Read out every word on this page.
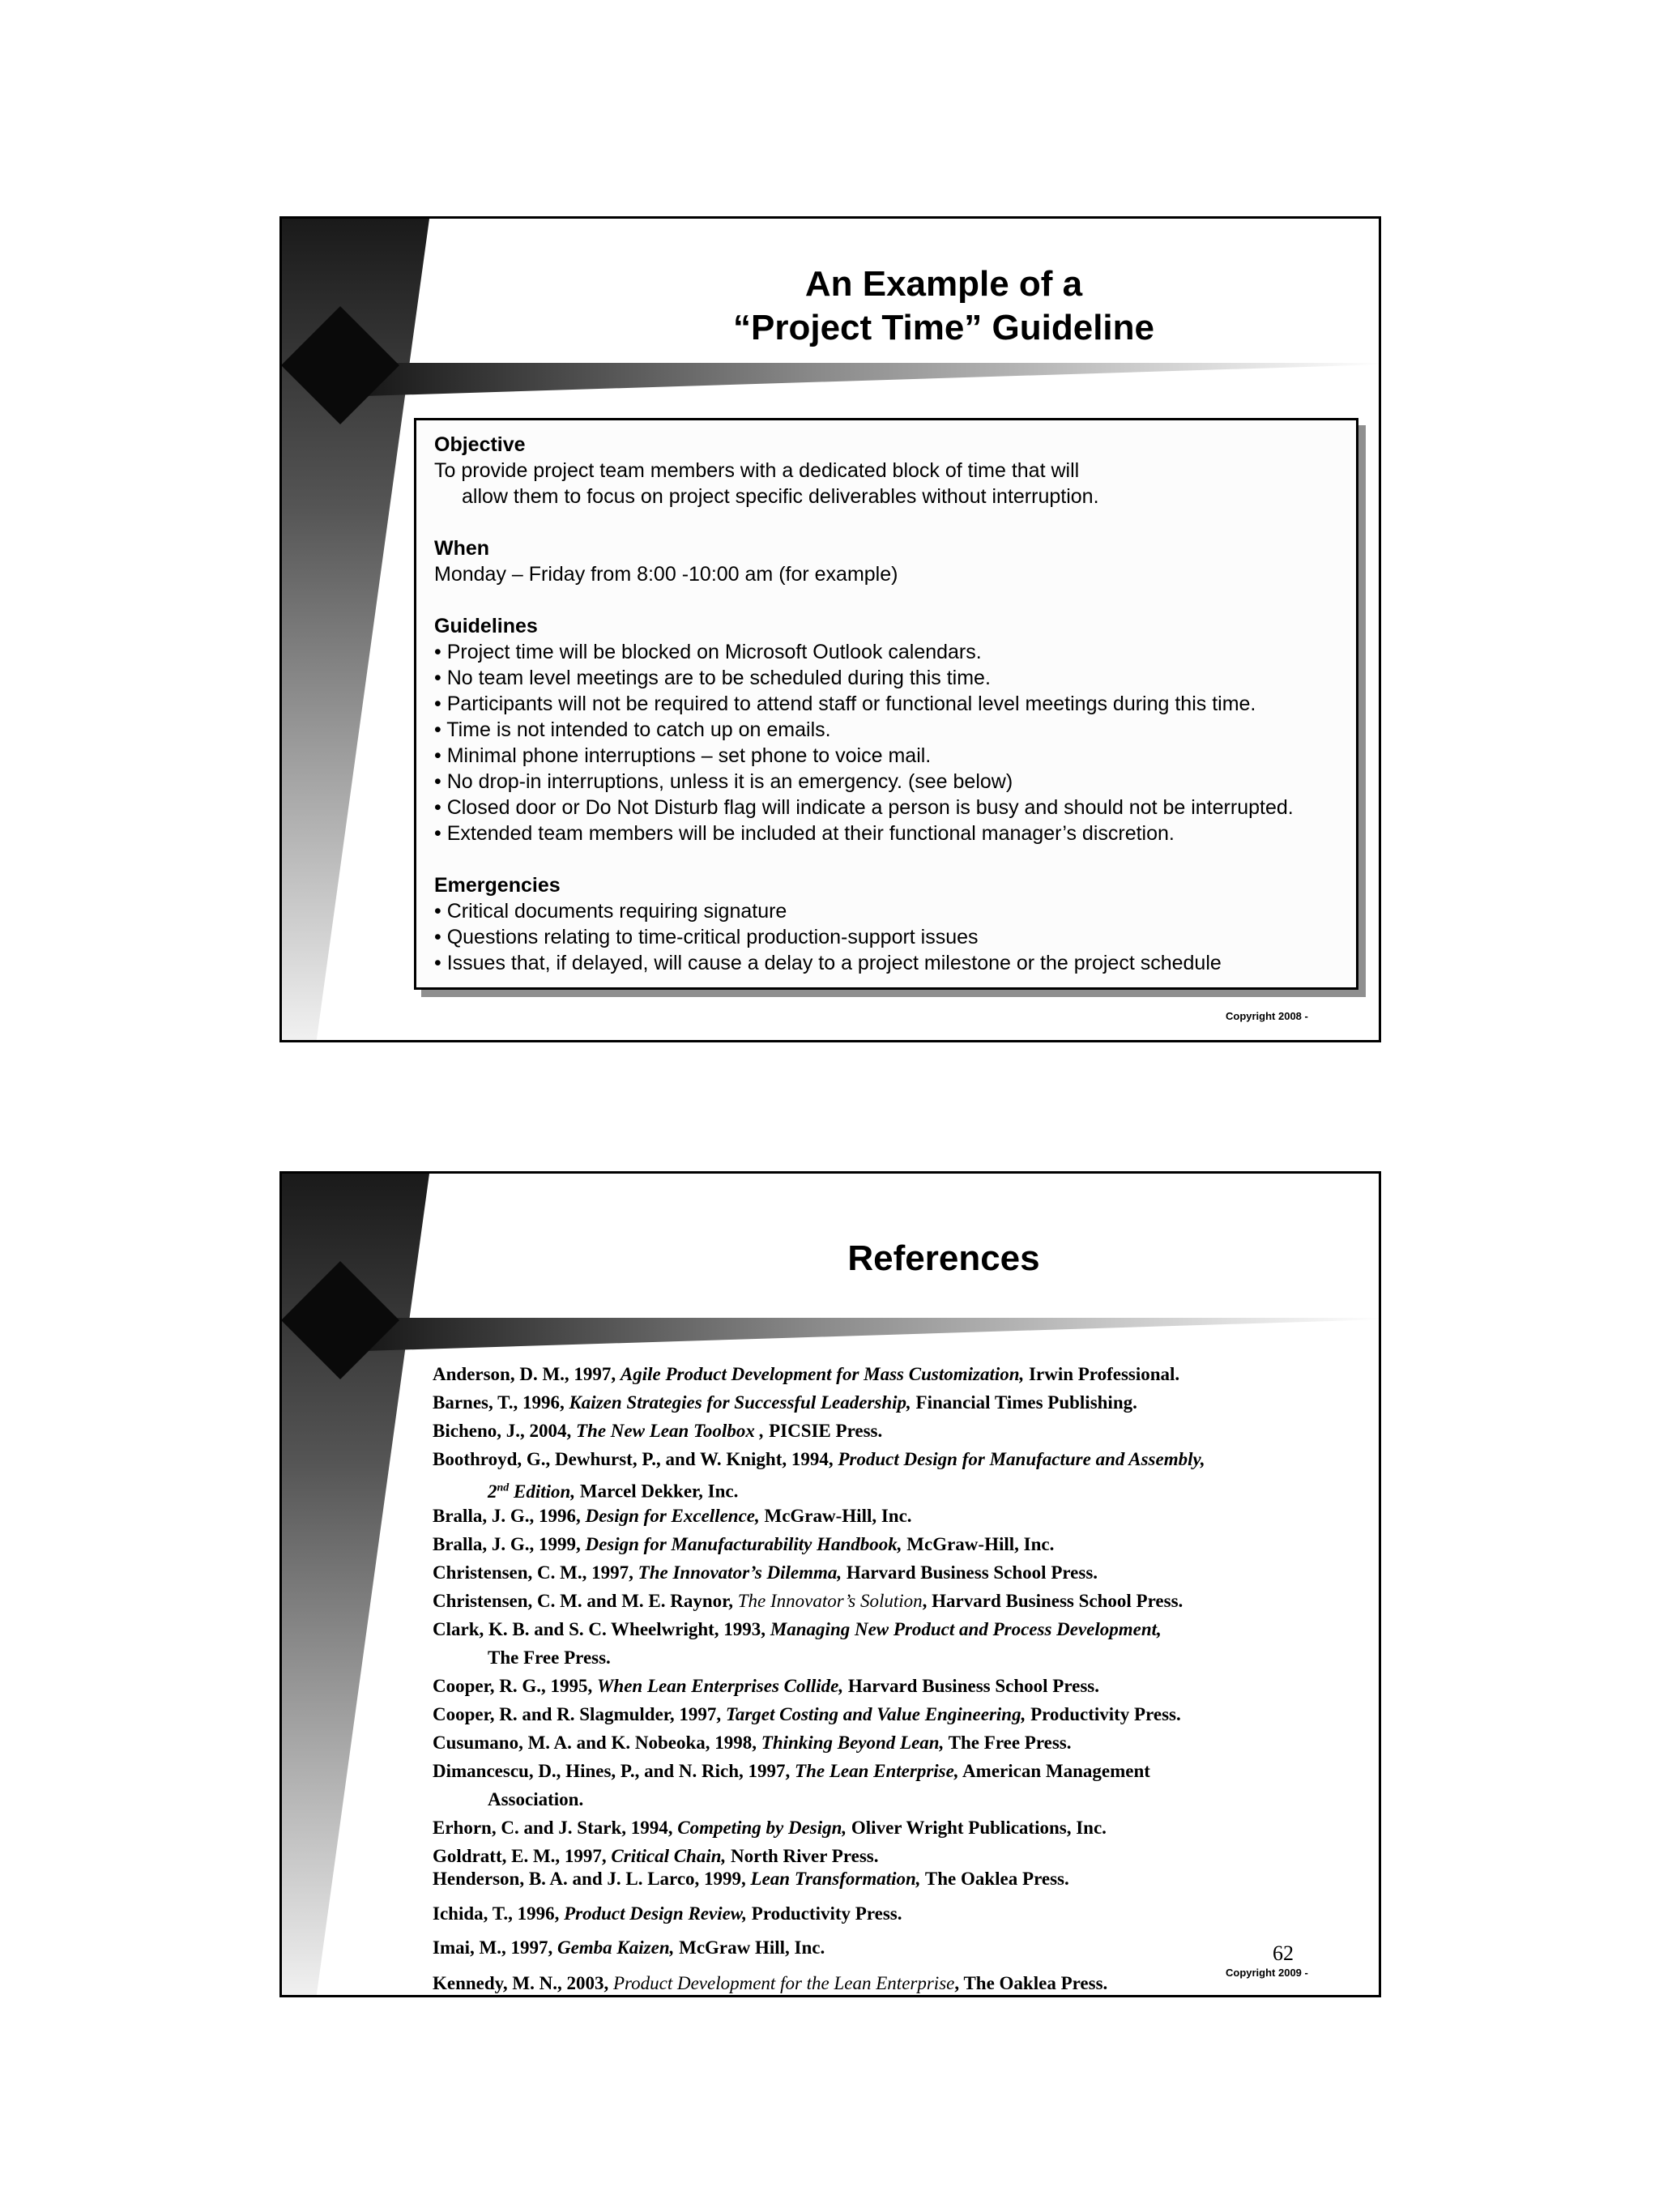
An Example of a
“Project Time” Guideline
Objective
To provide project team members with a dedicated block of time that will
allow them to focus on project specific deliverables without interruption.
When
Monday – Friday from 8:00 -10:00 am (for example)
Guidelines
• Project time will be blocked on Microsoft Outlook calendars.
• No team level meetings are to be scheduled during this time.
• Participants will not be required to attend staff or functional level meetings during this time.
• Time is not intended to catch up on emails.
• Minimal phone interruptions – set phone to voice mail.
• No drop-in interruptions, unless it is an emergency. (see below)
• Closed door or Do Not Disturb flag will indicate a person is busy and should not be interrupted.
• Extended team members will be included at their functional manager’s discretion.
Emergencies
• Critical documents requiring signature
• Questions relating to time-critical production-support issues
• Issues that, if delayed, will cause a delay to a project milestone or the project schedule
Copyright 2008 -
References
Anderson, D. M., 1997, Agile Product Development for Mass Customization, Irwin Professional.
Barnes, T., 1996, Kaizen Strategies for Successful Leadership, Financial Times Publishing.
Bicheno, J., 2004, The New Lean Toolbox , PICSIE Press.
Boothroyd, G., Dewhurst, P., and W. Knight, 1994, Product Design for Manufacture and Assembly,
2nd Edition, Marcel Dekker, Inc.
Bralla, J. G., 1996, Design for Excellence, McGraw-Hill, Inc.
Bralla, J. G., 1999, Design for Manufacturability Handbook, McGraw-Hill, Inc.
Christensen, C. M., 1997, The Innovator’s Dilemma, Harvard Business School Press.
Christensen, C. M. and M. E. Raynor, The Innovator’s Solution, Harvard Business School Press.
Clark, K. B. and S. C. Wheelwright, 1993, Managing New Product and Process Development,
The Free Press.
Cooper, R. G., 1995, When Lean Enterprises Collide, Harvard Business School Press.
Cooper, R. and R. Slagmulder, 1997, Target Costing and Value Engineering, Productivity Press.
Cusumano, M. A. and K. Nobeoka, 1998, Thinking Beyond Lean, The Free Press.
Dimancescu, D., Hines, P., and N. Rich, 1997, The Lean Enterprise, American Management
Association.
Erhorn, C. and J. Stark, 1994, Competing by Design, Oliver Wright Publications, Inc.
Goldratt, E. M., 1997, Critical Chain, North River Press.
Henderson, B. A. and J. L. Larco, 1999, Lean Transformation, The Oaklea Press.
Ichida, T., 1996, Product Design Review, Productivity Press.
Imai, M., 1997, Gemba Kaizen, McGraw Hill, Inc.
Kennedy, M. N., 2003, Product Development for the Lean Enterprise, The Oaklea Press.
62
Copyright 2009 -
